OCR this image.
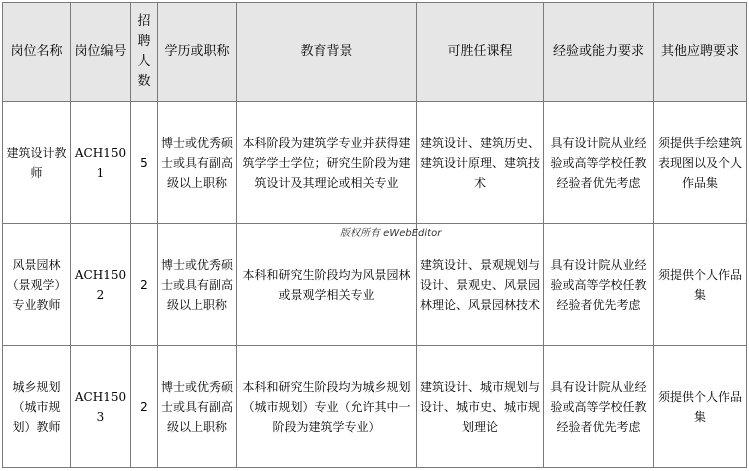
岗位名称	岗位编号	招聘人数	学历或职称	教育背景	可胜任课程	经验或能力要求	其他应聘要求
建筑设计教师	ACH1501	5	博士或优秀硕士或具有副高级以上职称	本科阶段为建筑学专业并获得建筑学学士学位；研究生阶段为建筑设计及其理论或相关专业	建筑设计、建筑历史、建筑设计原理、建筑技术	具有设计院从业经验或高等学校任教经验者优先考虑	须提供手绘建筑表现图以及个人作品集
风景园林（景观学）专业教师	ACH1502	2	博士或优秀硕士或具有副高级以上职称	本科和研究生阶段均为风景园林或景观学相关专业	建筑设计、景观规划与设计、景观史、风景园林理论、风景园林技术	具有设计院从业经验或高等学校任教经验者优先考虑	须提供个人作品集
城乡规划（城市规划）教师	ACH1503	2	博士或优秀硕士或具有副高级以上职称	本科和研究生阶段均为城乡规划（城市规划）专业（允许其中一阶段为建筑学专业）	建筑设计、城市规划与设计、城市史、城市规划理论	具有设计院从业经验或高等学校任教经验者优先考虑	须提供个人作品集
版权所有 eWebEditor
